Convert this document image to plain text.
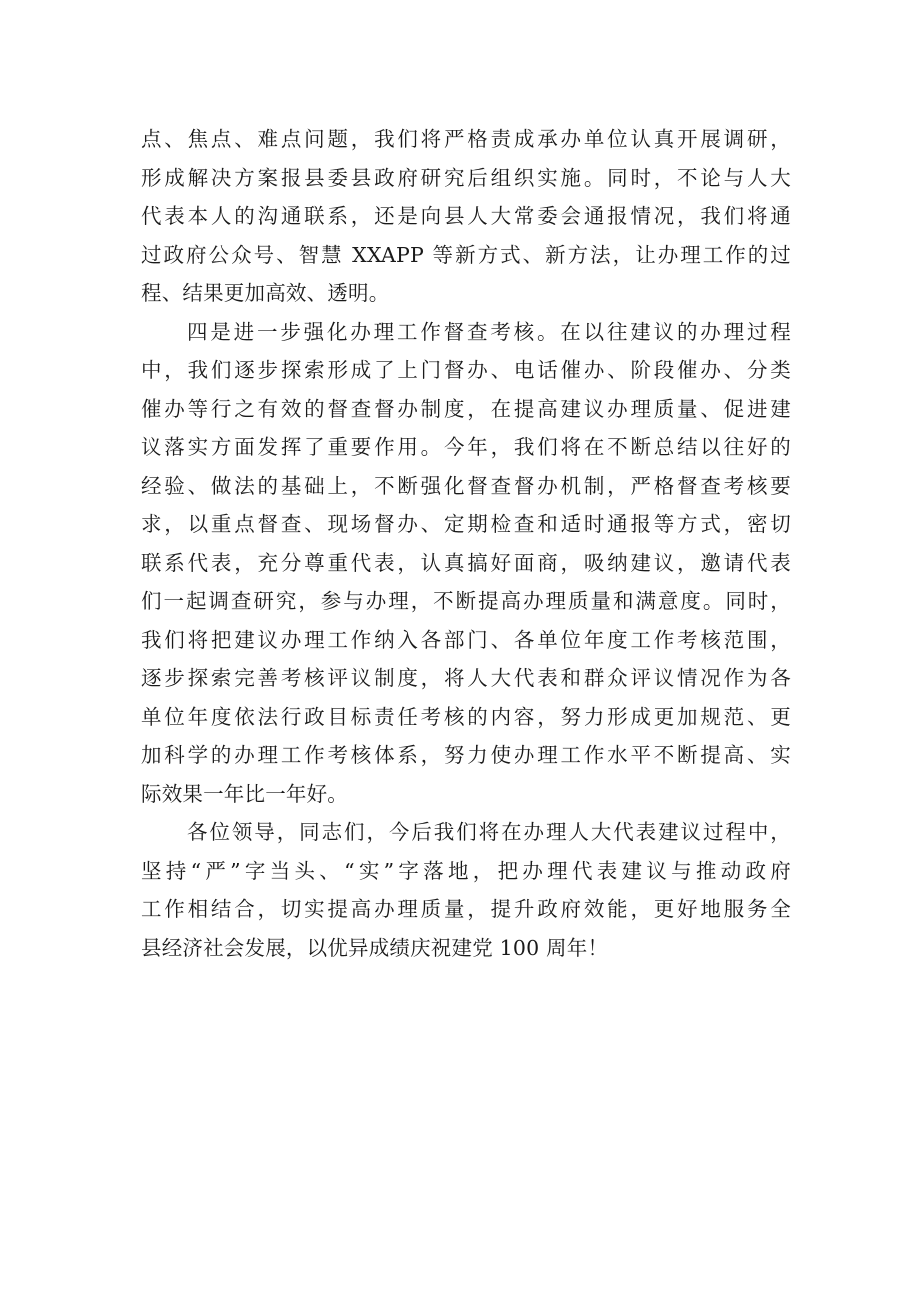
点、焦点、难点问题，我们将严格责成承办单位认真开展调研，
形成解决方案报县委县政府研究后组织实施。同时，不论与人大
代表本人的沟通联系，还是向县人大常委会通报情况，我们将通
过政府公众号、智慧 XXAPP 等新方式、新方法，让办理工作的过
程、结果更加高效、透明。
四是进一步强化办理工作督查考核。在以往建议的办理过程
中，我们逐步探索形成了上门督办、电话催办、阶段催办、分类
催办等行之有效的督查督办制度，在提高建议办理质量、促进建
议落实方面发挥了重要作用。今年，我们将在不断总结以往好的
经验、做法的基础上，不断强化督查督办机制，严格督查考核要
求，以重点督查、现场督办、定期检查和适时通报等方式，密切
联系代表，充分尊重代表，认真搞好面商，吸纳建议，邀请代表
们一起调查研究，参与办理，不断提高办理质量和满意度。同时，
我们将把建议办理工作纳入各部门、各单位年度工作考核范围，
逐步探索完善考核评议制度，将人大代表和群众评议情况作为各
单位年度依法行政目标责任考核的内容，努力形成更加规范、更
加科学的办理工作考核体系，努力使办理工作水平不断提高、实
际效果一年比一年好。
各位领导，同志们，今后我们将在办理人大代表建议过程中，
坚持“严”字当头、“实”字落地，把办理代表建议与推动政府
工作相结合，切实提高办理质量，提升政府效能，更好地服务全
县经济社会发展，以优异成绩庆祝建党 100 周年！
